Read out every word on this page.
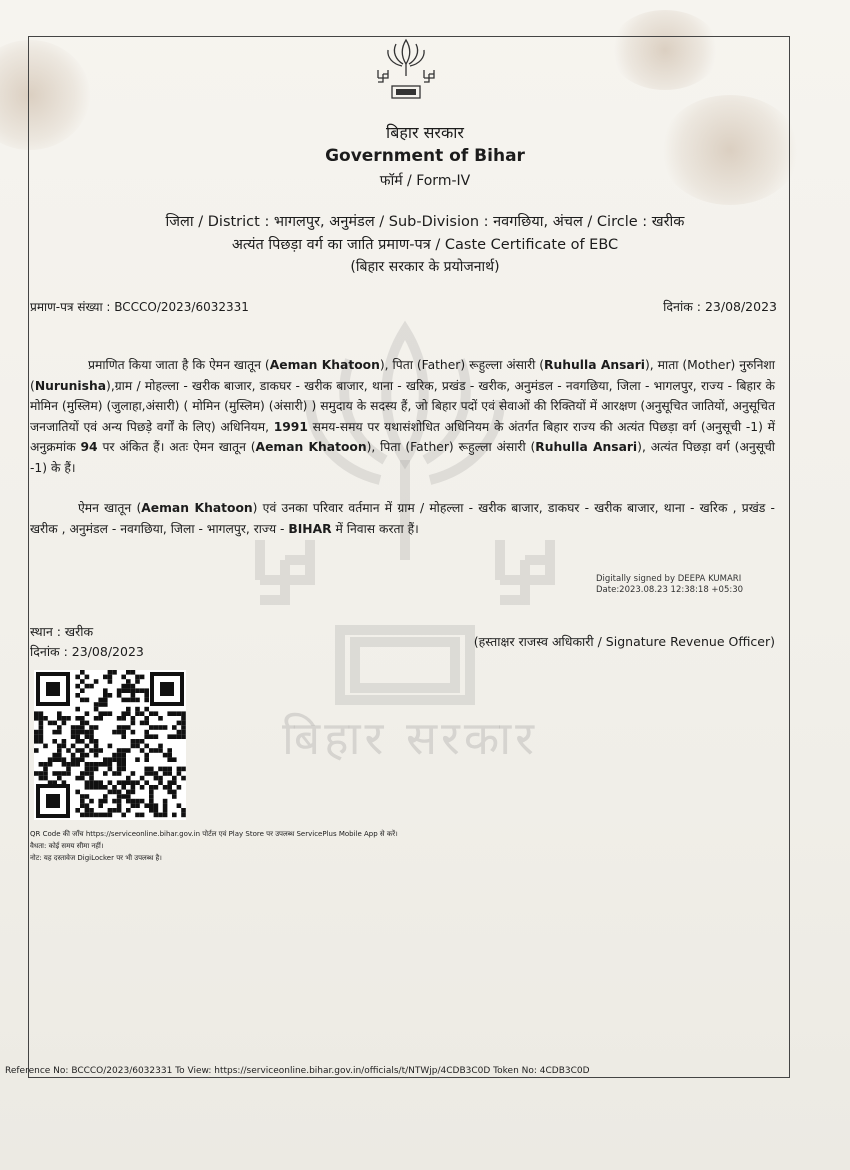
बिहार सरकार
बिहार सरकार
Government of Bihar
फॉर्म / Form-IV
जिला / District : भागलपुर, अनुमंडल / Sub-Division : नवगछिया, अंचल / Circle : खरीक
अत्यंत पिछड़ा वर्ग का जाति प्रमाण-पत्र / Caste Certificate of EBC
(बिहार सरकार के प्रयोजनार्थ)
प्रमाण-पत्र संख्या : BCCCO/2023/6032331	दिनांक : 23/08/2023
प्रमाणित किया जाता है कि ऐमन खातून (Aeman Khatoon), पिता (Father) रूहुल्ला अंसारी (Ruhulla Ansari), माता (Mother) नुरुनिशा (Nurunisha),ग्राम / मोहल्ला - खरीक बाजार, डाकघर - खरीक बाजार, थाना - खरिक, प्रखंड - खरीक, अनुमंडल - नवगछिया, जिला - भागलपुर, राज्य - बिहार के मोमिन (मुस्लिम) (जुलाहा,अंसारी) ( मोमिन (मुस्लिम) (अंसारी) ) समुदाय के सदस्य हैं, जो बिहार पदों एवं सेवाओं की रिक्तियों में आरक्षण (अनुसूचित जातियों, अनुसूचित जनजातियों एवं अन्य पिछड़े वर्गों के लिए) अधिनियम, 1991 समय-समय पर यथासंशोधित अधिनियम के अंतर्गत बिहार राज्य की अत्यंत पिछड़ा वर्ग (अनुसूची -1) में अनुक्रमांक 94 पर अंकित हैं। अतः ऐमन खातून (Aeman Khatoon), पिता (Father) रूहुल्ला अंसारी (Ruhulla Ansari), अत्यंत पिछड़ा वर्ग (अनुसूची -1) के हैं।
ऐमन खातून (Aeman Khatoon) एवं उनका परिवार वर्तमान में ग्राम / मोहल्ला - खरीक बाजार, डाकघर - खरीक बाजार, थाना - खरिक , प्रखंड - खरीक , अनुमंडल - नवगछिया, जिला - भागलपुर, राज्य - BIHAR में निवास करता हैं।
Digitally signed by DEEPA KUMARI
Date:2023.08.23 12:38:18 +05:30
स्थान : खरीक
दिनांक : 23/08/2023
(हस्ताक्षर राजस्व अधिकारी / Signature Revenue Officer)
QR Code की जाँच https://serviceonline.bihar.gov.in पोर्टल एवं Play Store पर उपलब्ध ServicePlus Mobile App से करें।
वैधता: कोई समय सीमा नहीं।
नोट: यह दस्तावेज DigiLocker पर भी उपलब्ध है।
Reference No: BCCCO/2023/6032331 To View: https://serviceonline.bihar.gov.in/officials/t/NTWjp/4CDB3C0D Token No: 4CDB3C0D
